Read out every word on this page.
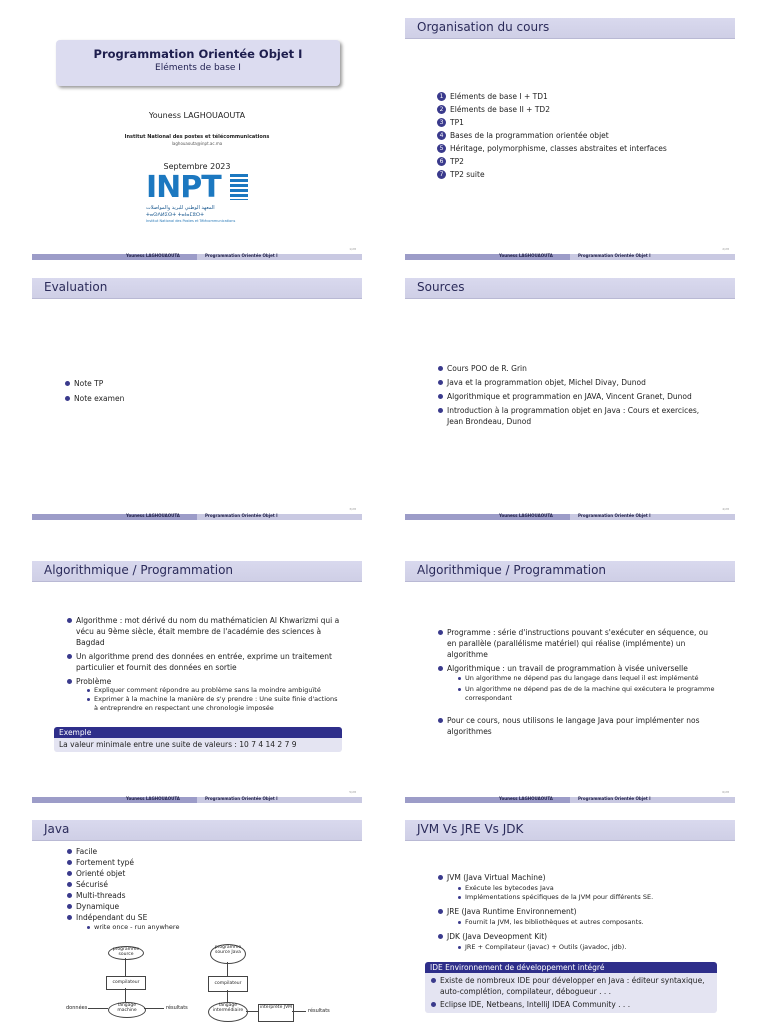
Programmation Orientée Objet I
Eléments de base I
Youness LAGHOUAOUTA
Institut National des postes et télécommunications
laghouaouta@inpt.ac.ma
Septembre 2023
INPT
المعهد الوطني للبريد والمواصلات
ⵜⴰⵙⴷⵍⵉⵙⵜ ⵜⴰⵏⴰⵎⵓⵔⵜ
Institut National des Postes et Télécommunications
1/28
Youness LAGHOUAOUTA	Programmation Orientée Objet I
Organisation du cours
1 Eléments de base I + TD1
2 Eléments de base II + TD2
3 TP1
4 Bases de la programmation orientée objet
5 Héritage, polymorphisme, classes abstraites et interfaces
6 TP2
7 TP2 suite
2/28
Youness LAGHOUAOUTA	Programmation Orientée Objet I
Evaluation
Note TP
Note examen
3/28
Youness LAGHOUAOUTA	Programmation Orientée Objet I
Sources
Cours POO de R. Grin
Java et la programmation objet, Michel Divay, Dunod
Algorithmique et programmation en JAVA, Vincent Granet, Dunod
Introduction à la programmation objet en Java : Cours et exercices, Jean Brondeau, Dunod
4/28
Youness LAGHOUAOUTA	Programmation Orientée Objet I
Algorithmique / Programmation
Algorithme : mot dérivé du nom du mathématicien Al Khwarizmi qui a vécu au 9ème siècle, était membre de l'académie des sciences à Bagdad
Un algorithme prend des données en entrée, exprime un traitement particulier et fournit des données en sortie
Problème
Expliquer comment répondre au problème sans la moindre ambiguïté
Exprimer à la machine la manière de s'y prendre : Une suite finie d'actions à entreprendre en respectant une chronologie imposée
Exemple
La valeur minimale entre une suite de valeurs : 10 7 4 14 2 7 9
5/28
Youness LAGHOUAOUTA	Programmation Orientée Objet I
Algorithmique / Programmation
Programme : série d'instructions pouvant s'exécuter en séquence, ou en parallèle (parallélisme matériel) qui réalise (implémente) un algorithme
Algorithmique : un travail de programmation à visée universelle
Un algorithme ne dépend pas du langage dans lequel il est implémenté
Un algorithme ne dépend pas de de la machine qui exécutera le programme correspondant
Pour ce cours, nous utilisons le langage Java pour implémenter nos algorithmes
6/28
Youness LAGHOUAOUTA	Programmation Orientée Objet I
Java
Facile
Fortement typé
Orienté objet
Sécurisé
Multi-threads
Dynamique
Indépendant du SE
write once - run anywhere
programme source
compilateur
langage machine
données	résultats
programme source Java
compilateur
langage intermédiaire
interprète JVM
résultats
JVM Vs JRE Vs JDK
JVM (Java Virtual Machine)
Exécute les bytecodes Java
Implémentations spécifiques de la JVM pour différents SE.
JRE (Java Runtime Environnement)
Fournit la JVM, les bibliothèques et autres composants.
JDK (Java Deveopment Kit)
JRE + Compilateur (javac) + Outils (javadoc, jdb).
IDE Environnement de développement intégré
Existe de nombreux IDE pour développer en Java : éditeur syntaxique, auto-complétion, compilateur, débogueur . . .
Eclipse IDE, Netbeans, IntelliJ IDEA Community . . .
